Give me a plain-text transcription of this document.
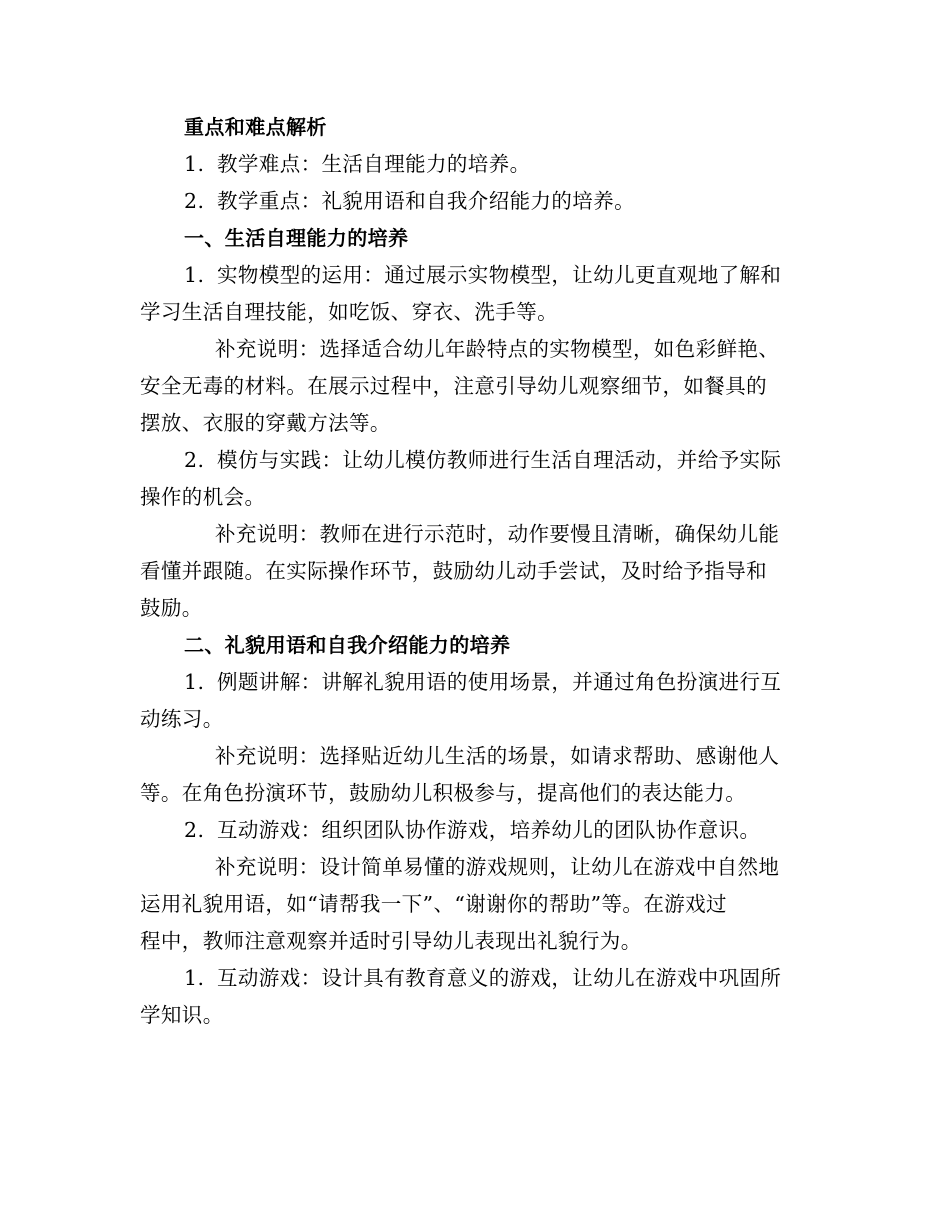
重点和难点解析
1. 教学难点：生活自理能力的培养。
2. 教学重点：礼貌用语和自我介绍能力的培养。
一、生活自理能力的培养
1. 实物模型的运用：通过展示实物模型，让幼儿更直观地了解和
学习生活自理技能，如吃饭、穿衣、洗手等。
补充说明：选择适合幼儿年龄特点的实物模型，如色彩鲜艳、
安全无毒的材料。在展示过程中，注意引导幼儿观察细节，如餐具的
摆放、衣服的穿戴方法等。
2. 模仿与实践：让幼儿模仿教师进行生活自理活动，并给予实际
操作的机会。
补充说明：教师在进行示范时，动作要慢且清晰，确保幼儿能
看懂并跟随。在实际操作环节，鼓励幼儿动手尝试，及时给予指导和
鼓励。
二、礼貌用语和自我介绍能力的培养
1. 例题讲解：讲解礼貌用语的使用场景，并通过角色扮演进行互
动练习。
补充说明：选择贴近幼儿生活的场景，如请求帮助、感谢他人
等。在角色扮演环节，鼓励幼儿积极参与，提高他们的表达能力。
2. 互动游戏：组织团队协作游戏，培养幼儿的团队协作意识。
补充说明：设计简单易懂的游戏规则，让幼儿在游戏中自然地
运用礼貌用语，如“请帮我一下”、“谢谢你的帮助”等。在游戏过
程中，教师注意观察并适时引导幼儿表现出礼貌行为。
1. 互动游戏：设计具有教育意义的游戏，让幼儿在游戏中巩固所
学知识。
